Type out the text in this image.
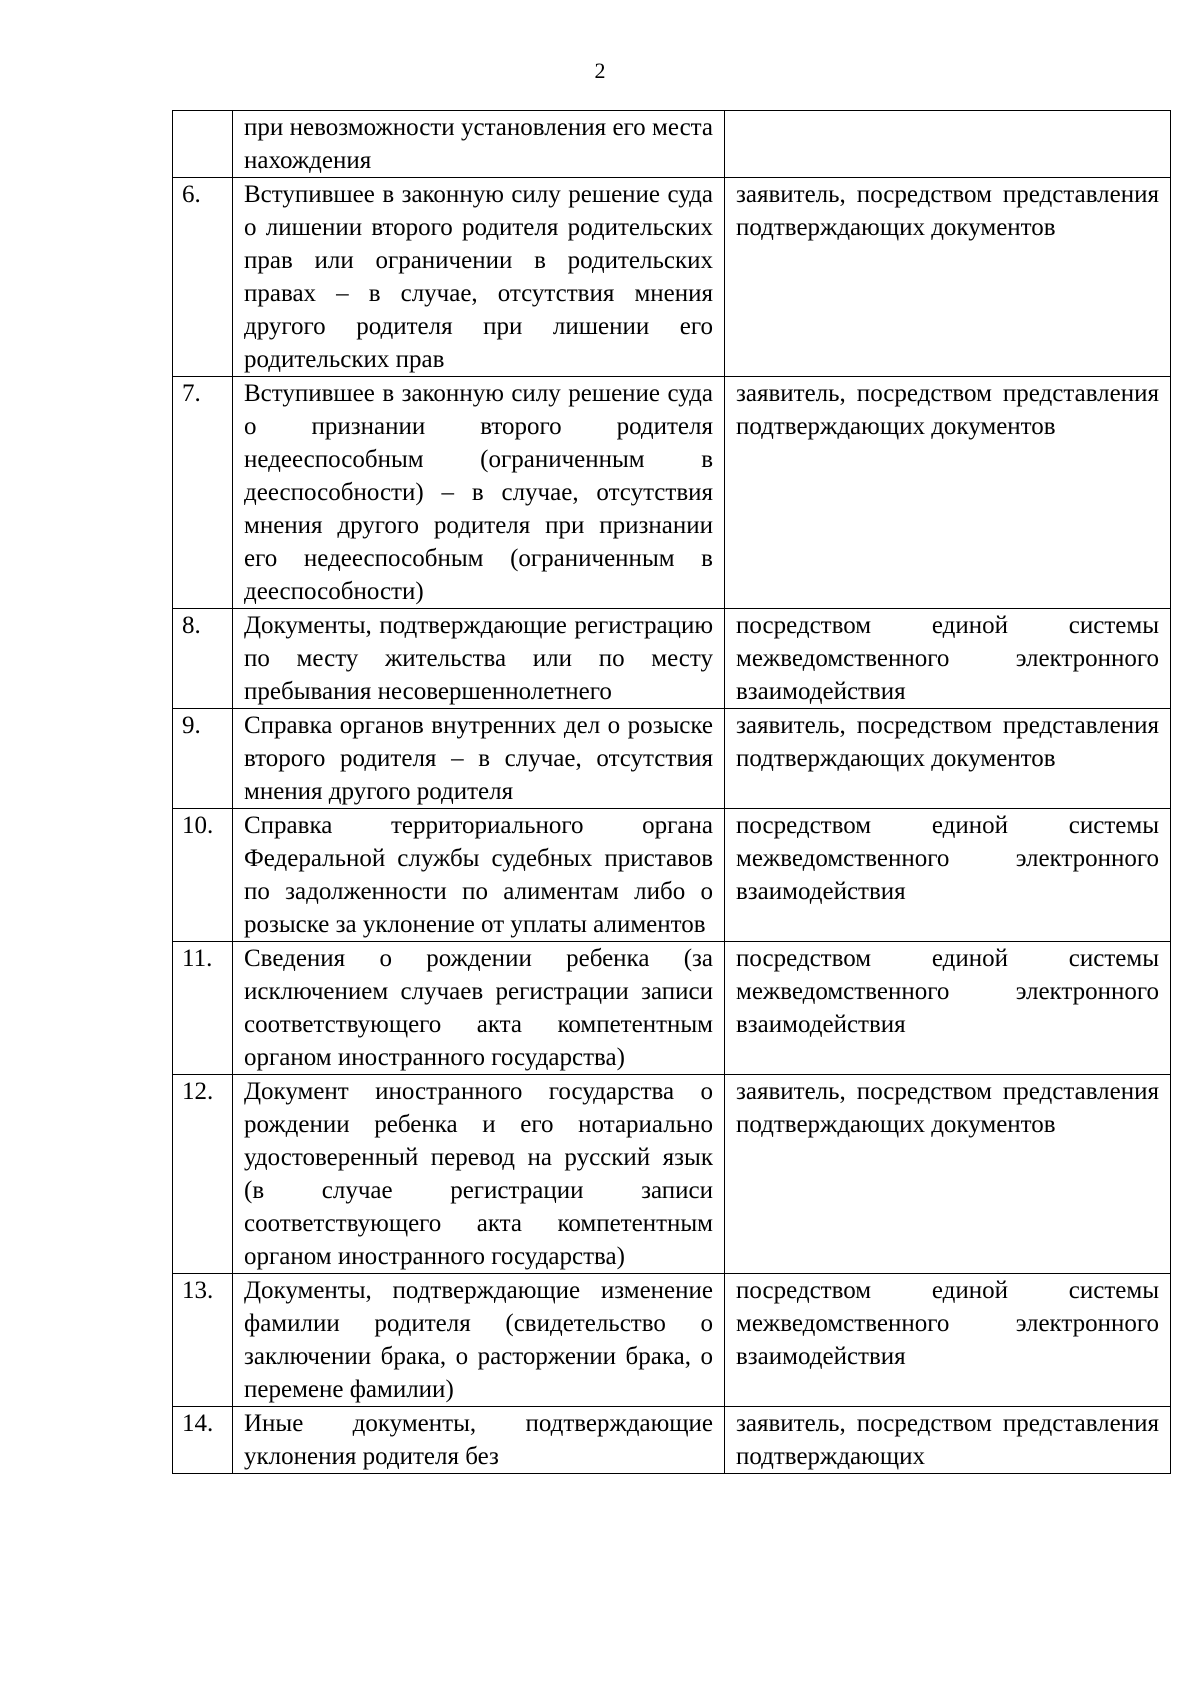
2
	при невозможности установления его места нахождения	
6.	Вступившее в законную силу решение суда о лишении второго родителя родительских прав или ограничении в родительских правах – в случае, отсутствия мнения другого родителя при лишении его родительских прав	заявитель, посредством представления подтверждающих документов
7.	Вступившее в законную силу решение суда о признании второго родителя недееспособным (ограниченным в дееспособности) – в случае, отсутствия мнения другого родителя при признании его недееспособным (ограниченным в дееспособности)	заявитель, посредством представления подтверждающих документов
8.	Документы, подтверждающие регистрацию по месту жительства или по месту пребывания несовершеннолетнего	посредством единой системы межведомственного электронного взаимодействия
9.	Справка органов внутренних дел о розыске второго родителя – в случае, отсутствия мнения другого родителя	заявитель, посредством представления подтверждающих документов
10.	Справка территориального органа Федеральной службы судебных приставов по задолженности по алиментам либо о розыске за уклонение от уплаты алиментов	посредством единой системы межведомственного электронного взаимодействия
11.	Сведения о рождении ребенка (за исключением случаев регистрации записи соответствующего акта компетентным органом иностранного государства)	посредством единой системы межведомственного электронного взаимодействия
12.	Документ иностранного государства о рождении ребенка и его нотариально удостоверенный перевод на русский язык (в случае регистрации записи соответствующего акта компетентным органом иностранного государства)	заявитель, посредством представления подтверждающих документов
13.	Документы, подтверждающие изменение фамилии родителя (свидетельство о заключении брака, о расторжении брака, о перемене фамилии)	посредством единой системы межведомственного электронного взаимодействия
14.	Иные документы, подтверждающие уклонения родителя без	заявитель, посредством представления подтверждающих
